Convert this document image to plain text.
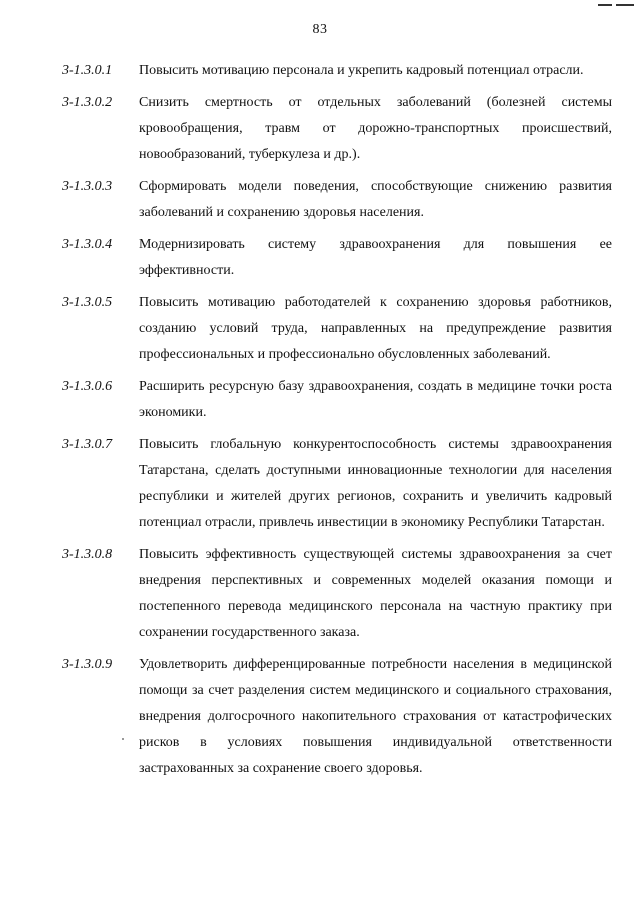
83
3-1.3.0.1	Повысить мотивацию персонала и укрепить кадровый потенциал отрасли.
3-1.3.0.2	Снизить смертность от отдельных заболеваний (болезней системы кровообращения, травм от дорожно-транспортных происшествий, новообразований, туберкулеза и др.).
3-1.3.0.3	Сформировать модели поведения, способствующие снижению развития заболеваний и сохранению здоровья населения.
3-1.3.0.4	Модернизировать систему здравоохранения для повышения ее эффективности.
3-1.3.0.5	Повысить мотивацию работодателей к сохранению здоровья работников, созданию условий труда, направленных на предупреждение развития профессиональных и профессионально обусловленных заболеваний.
3-1.3.0.6	Расширить ресурсную базу здравоохранения, создать в медицине точки роста экономики.
3-1.3.0.7	Повысить глобальную конкурентоспособность системы здравоохранения Татарстана, сделать доступными инновационные технологии для населения республики и жителей других регионов, сохранить и увеличить кадровый потенциал отрасли, привлечь инвестиции в экономику Республики Татарстан.
3-1.3.0.8	Повысить эффективность существующей системы здравоохранения за счет внедрения перспективных и современных моделей оказания помощи и постепенного перевода медицинского персонала на частную практику при сохранении государственного заказа.
3-1.3.0.9	Удовлетворить дифференцированные потребности населения в медицинской помощи за счет разделения систем медицинского и социального страхования, внедрения долгосрочного накопительного страхования от катастрофических рисков в условиях повышения индивидуальной ответственности застрахованных за сохранение своего здоровья.
